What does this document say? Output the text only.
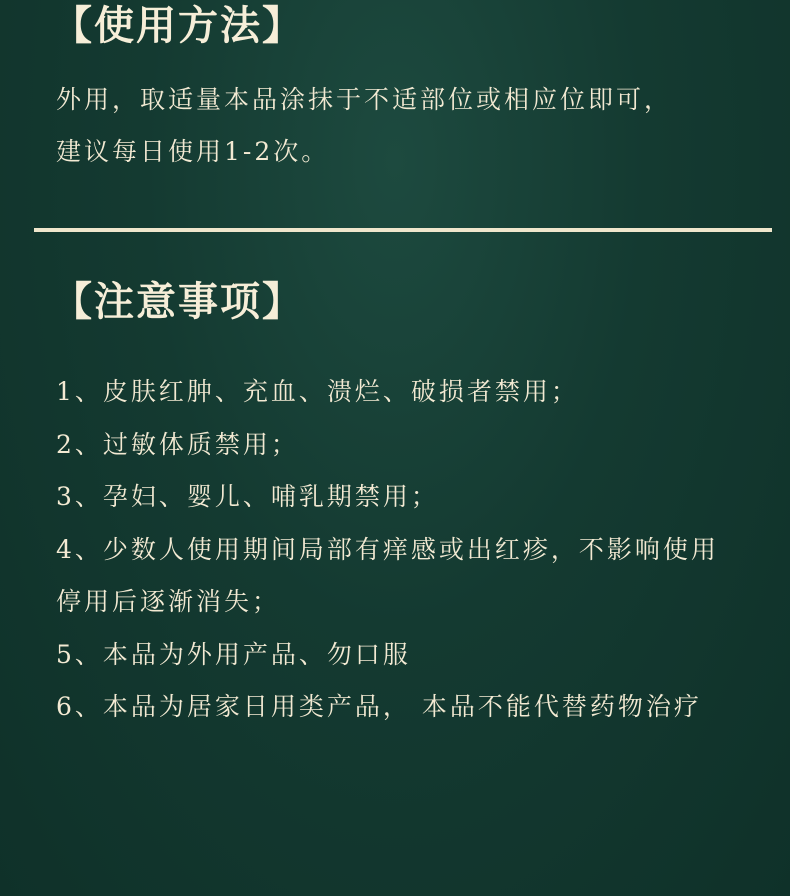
【使用方法】
外用，取适量本品涂抹于不适部位或相应位即可，
建议每日使用1-2次。
【注意事项】
1、皮肤红肿、充血、溃烂、破损者禁用；
2、过敏体质禁用；
3、孕妇、婴儿、哺乳期禁用；
4、少数人使用期间局部有痒感或出红疹，不影响使用
停用后逐渐消失；
5、本品为外用产品、勿口服
6、本品为居家日用类产品， 本品不能代替药物治疗
